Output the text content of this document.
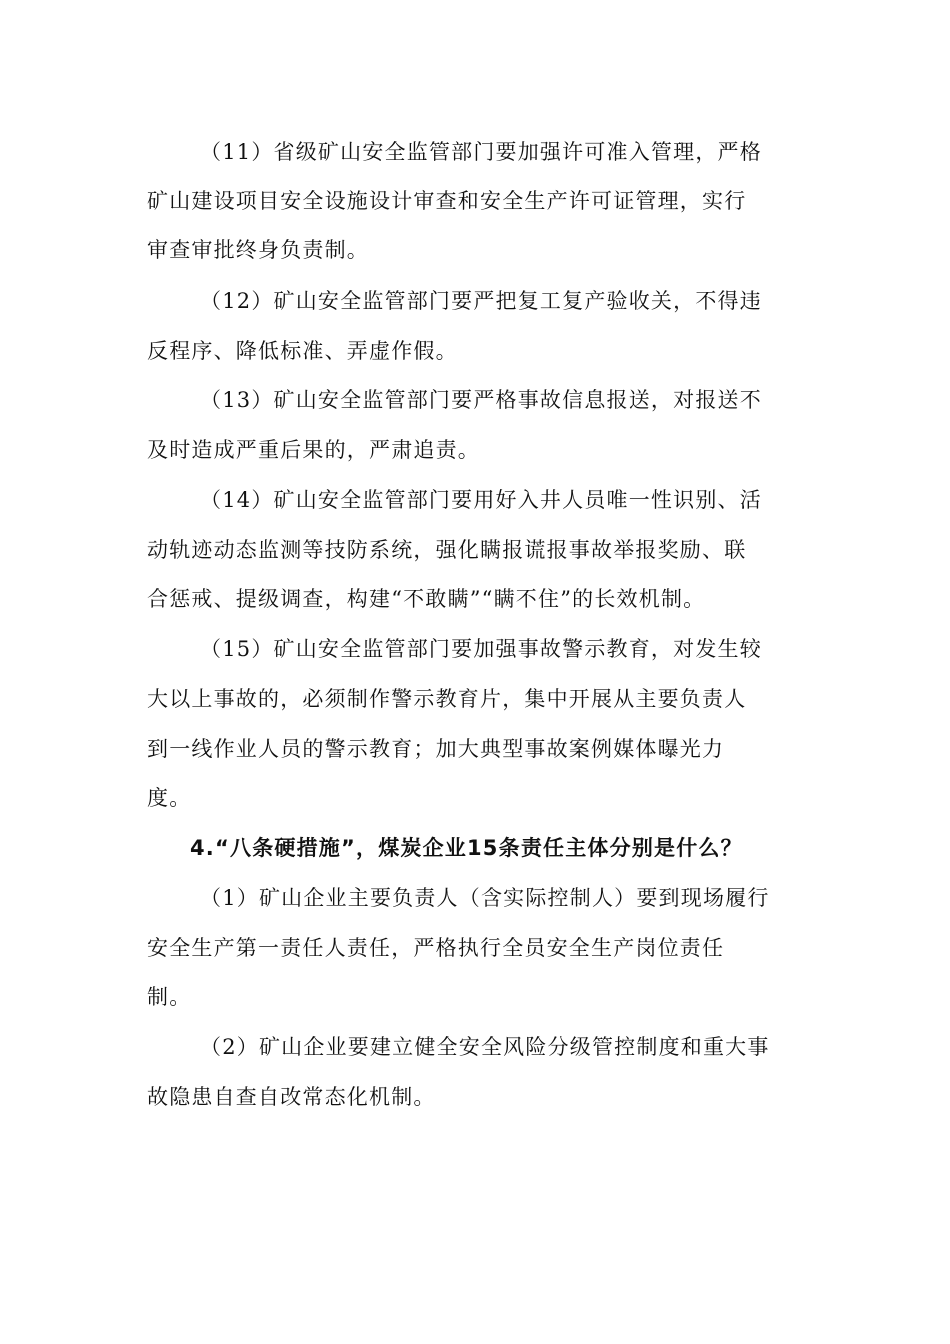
（11）省级矿山安全监管部门要加强许可准入管理，严格
矿山建设项目安全设施设计审查和安全生产许可证管理，实行
审查审批终身负责制。
（12）矿山安全监管部门要严把复工复产验收关，不得违
反程序、降低标准、弄虚作假。
（13）矿山安全监管部门要严格事故信息报送，对报送不
及时造成严重后果的，严肃追责。
（14）矿山安全监管部门要用好入井人员唯一性识别、活
动轨迹动态监测等技防系统，强化瞒报谎报事故举报奖励、联
合惩戒、提级调查，构建“不敢瞒”“瞒不住”的长效机制。
（15）矿山安全监管部门要加强事故警示教育，对发生较
大以上事故的，必须制作警示教育片，集中开展从主要负责人
到一线作业人员的警示教育；加大典型事故案例媒体曝光力
度。
4.“八条硬措施”，煤炭企业15条责任主体分别是什么？
（1）矿山企业主要负责人（含实际控制人）要到现场履行
安全生产第一责任人责任，严格执行全员安全生产岗位责任
制。
（2）矿山企业要建立健全安全风险分级管控制度和重大事
故隐患自查自改常态化机制。
